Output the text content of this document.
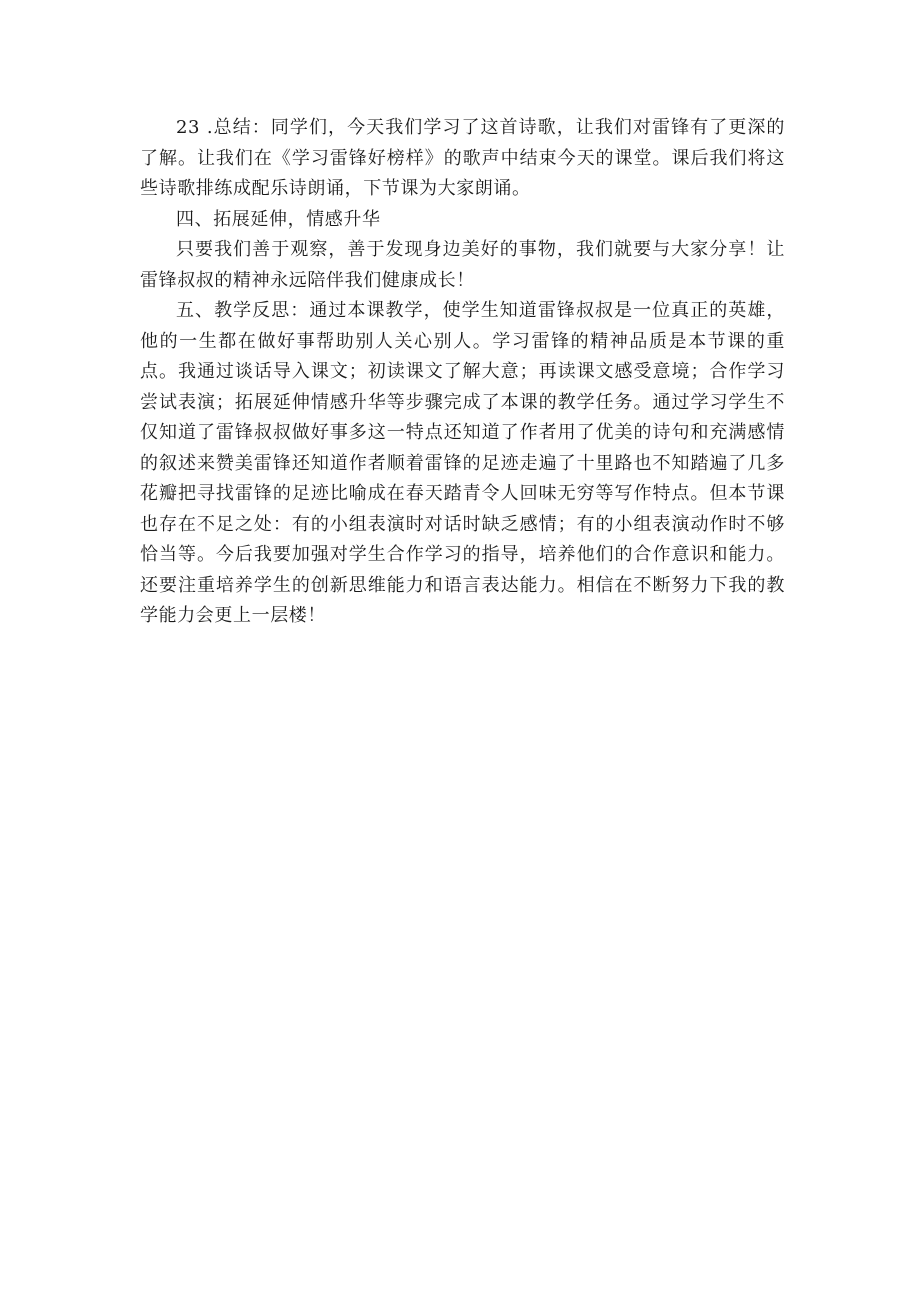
23 .总结：同学们，今天我们学习了这首诗歌，让我们对雷锋有了更深的了解。让我们在《学习雷锋好榜样》的歌声中结束今天的课堂。课后我们将这些诗歌排练成配乐诗朗诵，下节课为大家朗诵。

四、拓展延伸，情感升华

只要我们善于观察，善于发现身边美好的事物，我们就要与大家分享！让雷锋叔叔的精神永远陪伴我们健康成长！

五、教学反思：通过本课教学，使学生知道雷锋叔叔是一位真正的英雄，他的一生都在做好事帮助别人关心别人。学习雷锋的精神品质是本节课的重点。我通过谈话导入课文；初读课文了解大意；再读课文感受意境；合作学习尝试表演；拓展延伸情感升华等步骤完成了本课的教学任务。通过学习学生不仅知道了雷锋叔叔做好事多这一特点还知道了作者用了优美的诗句和充满感情的叙述来赞美雷锋还知道作者顺着雷锋的足迹走遍了十里路也不知踏遍了几多花瓣把寻找雷锋的足迹比喻成在春天踏青令人回味无穷等写作特点。但本节课也存在不足之处：有的小组表演时对话时缺乏感情；有的小组表演动作时不够恰当等。今后我要加强对学生合作学习的指导，培养他们的合作意识和能力。还要注重培养学生的创新思维能力和语言表达能力。相信在不断努力下我的教学能力会更上一层楼！
